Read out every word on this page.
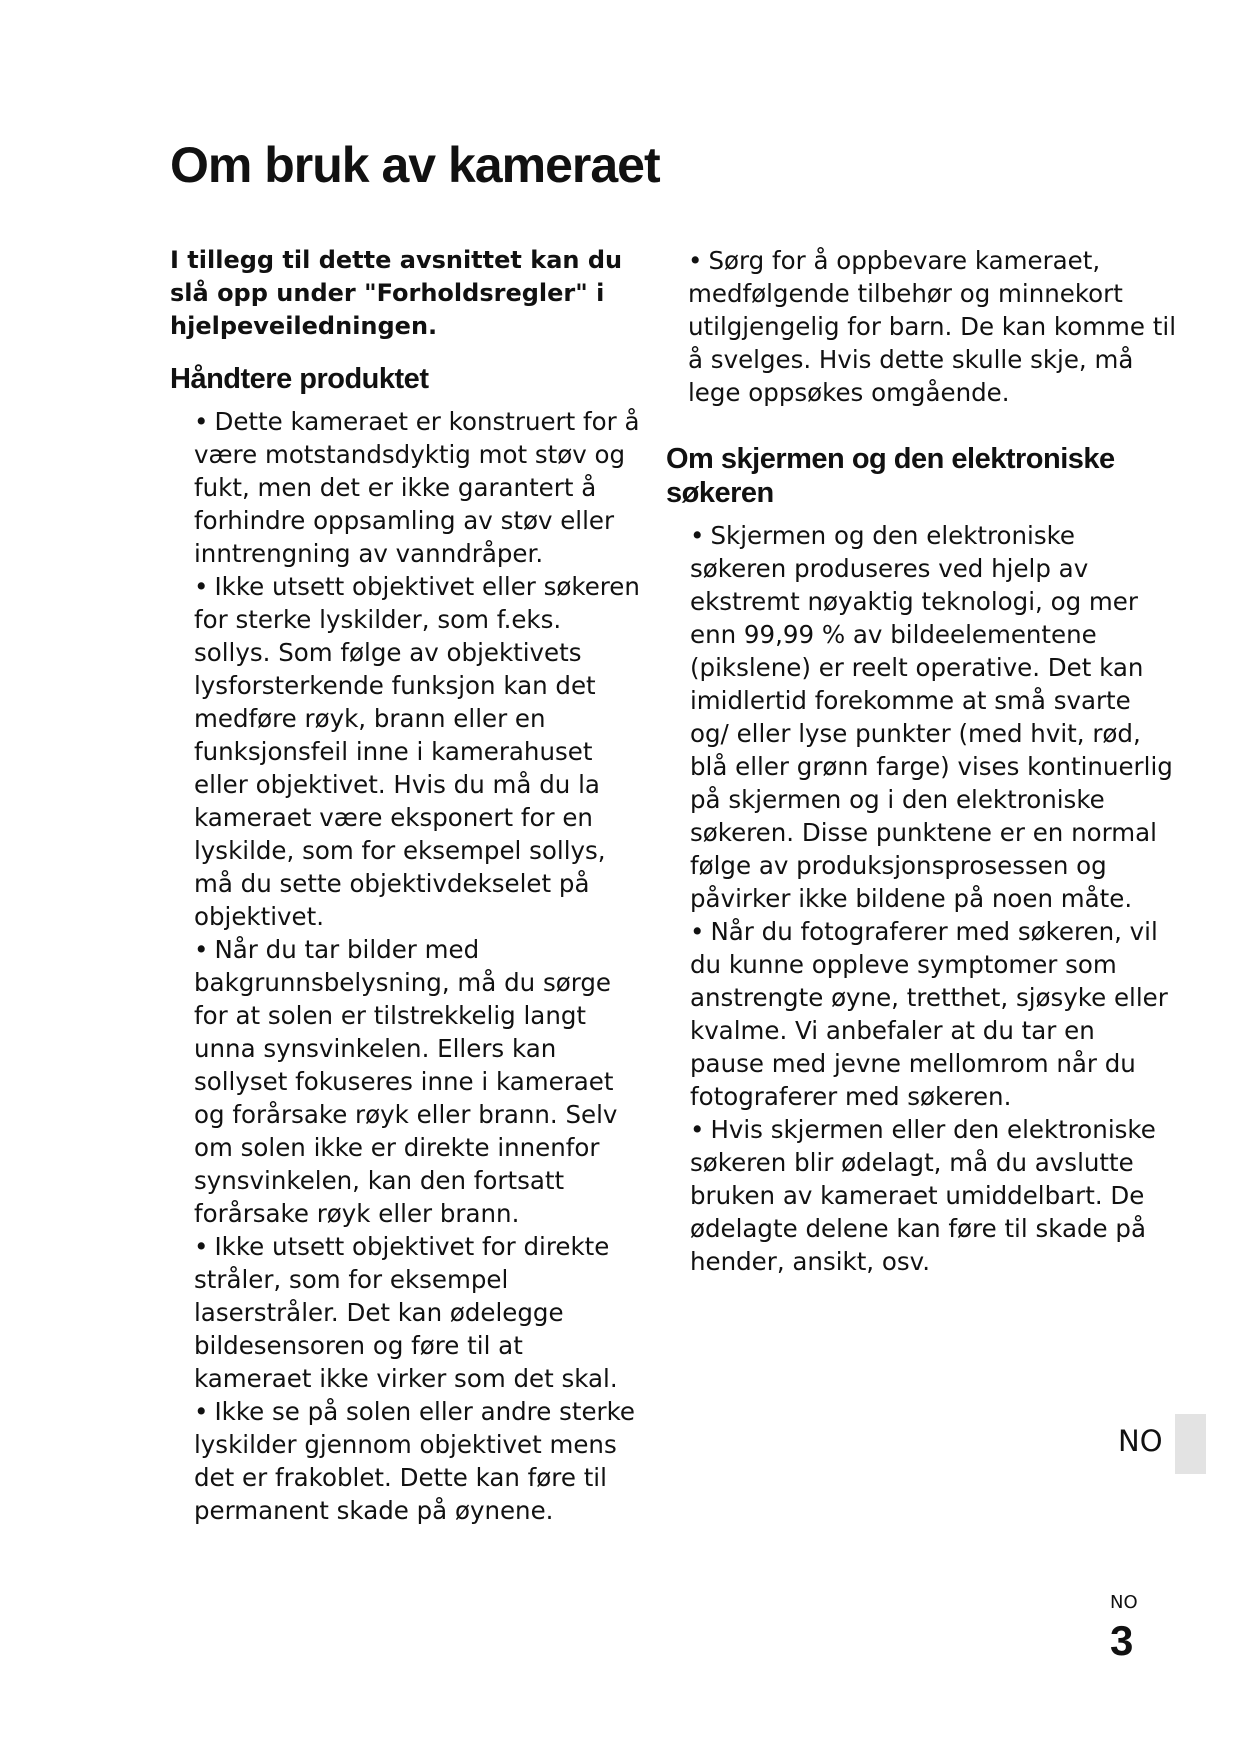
Om bruk av kameraet

I tillegg til dette avsnittet kan du slå opp under "Forholdsregler" i hjelpeveiledningen.

Håndtere produktet
• Dette kameraet er konstruert for å være motstandsdyktig mot støv og fukt, men det er ikke garantert å forhindre oppsamling av støv eller inntrengning av vanndråper.
• Ikke utsett objektivet eller søkeren for sterke lyskilder, som f.eks. sollys. Som følge av objektivets lysforsterkende funksjon kan det medføre røyk, brann eller en funksjonsfeil inne i kamerahuset eller objektivet. Hvis du må du la kameraet være eksponert for en lyskilde, som for eksempel sollys, må du sette objektivdekselet på objektivet.
• Når du tar bilder med bakgrunnsbelysning, må du sørge for at solen er tilstrekkelig langt unna synsvinkelen. Ellers kan sollyset fokuseres inne i kameraet og forårsake røyk eller brann. Selv om solen ikke er direkte innenfor synsvinkelen, kan den fortsatt forårsake røyk eller brann.
• Ikke utsett objektivet for direkte stråler, som for eksempel laserstråler. Det kan ødelegge bildesensoren og føre til at kameraet ikke virker som det skal.
• Ikke se på solen eller andre sterke lyskilder gjennom objektivet mens det er frakoblet. Dette kan føre til permanent skade på øynene.
• Sørg for å oppbevare kameraet, medfølgende tilbehør og minnekort utilgjengelig for barn. De kan komme til å svelges. Hvis dette skulle skje, må lege oppsøkes omgående.
Om skjermen og den elektroniske søkeren
• Skjermen og den elektroniske søkeren produseres ved hjelp av ekstremt nøyaktig teknologi, og mer enn 99,99 % av bildeelementene (pikslene) er reelt operative. Det kan imidlertid forekomme at små svarte og/ eller lyse punkter (med hvit, rød, blå eller grønn farge) vises kontinuerlig på skjermen og i den elektroniske søkeren. Disse punktene er en normal følge av produksjonsprosessen og påvirker ikke bildene på noen måte.
• Når du fotograferer med søkeren, vil du kunne oppleve symptomer som anstrengte øyne, tretthet, sjøsyke eller kvalme. Vi anbefaler at du tar en pause med jevne mellomrom når du fotograferer med søkeren.
• Hvis skjermen eller den elektroniske søkeren blir ødelagt, må du avslutte bruken av kameraet umiddelbart. De ødelagte delene kan føre til skade på hender, ansikt, osv.
NO
NO
3
